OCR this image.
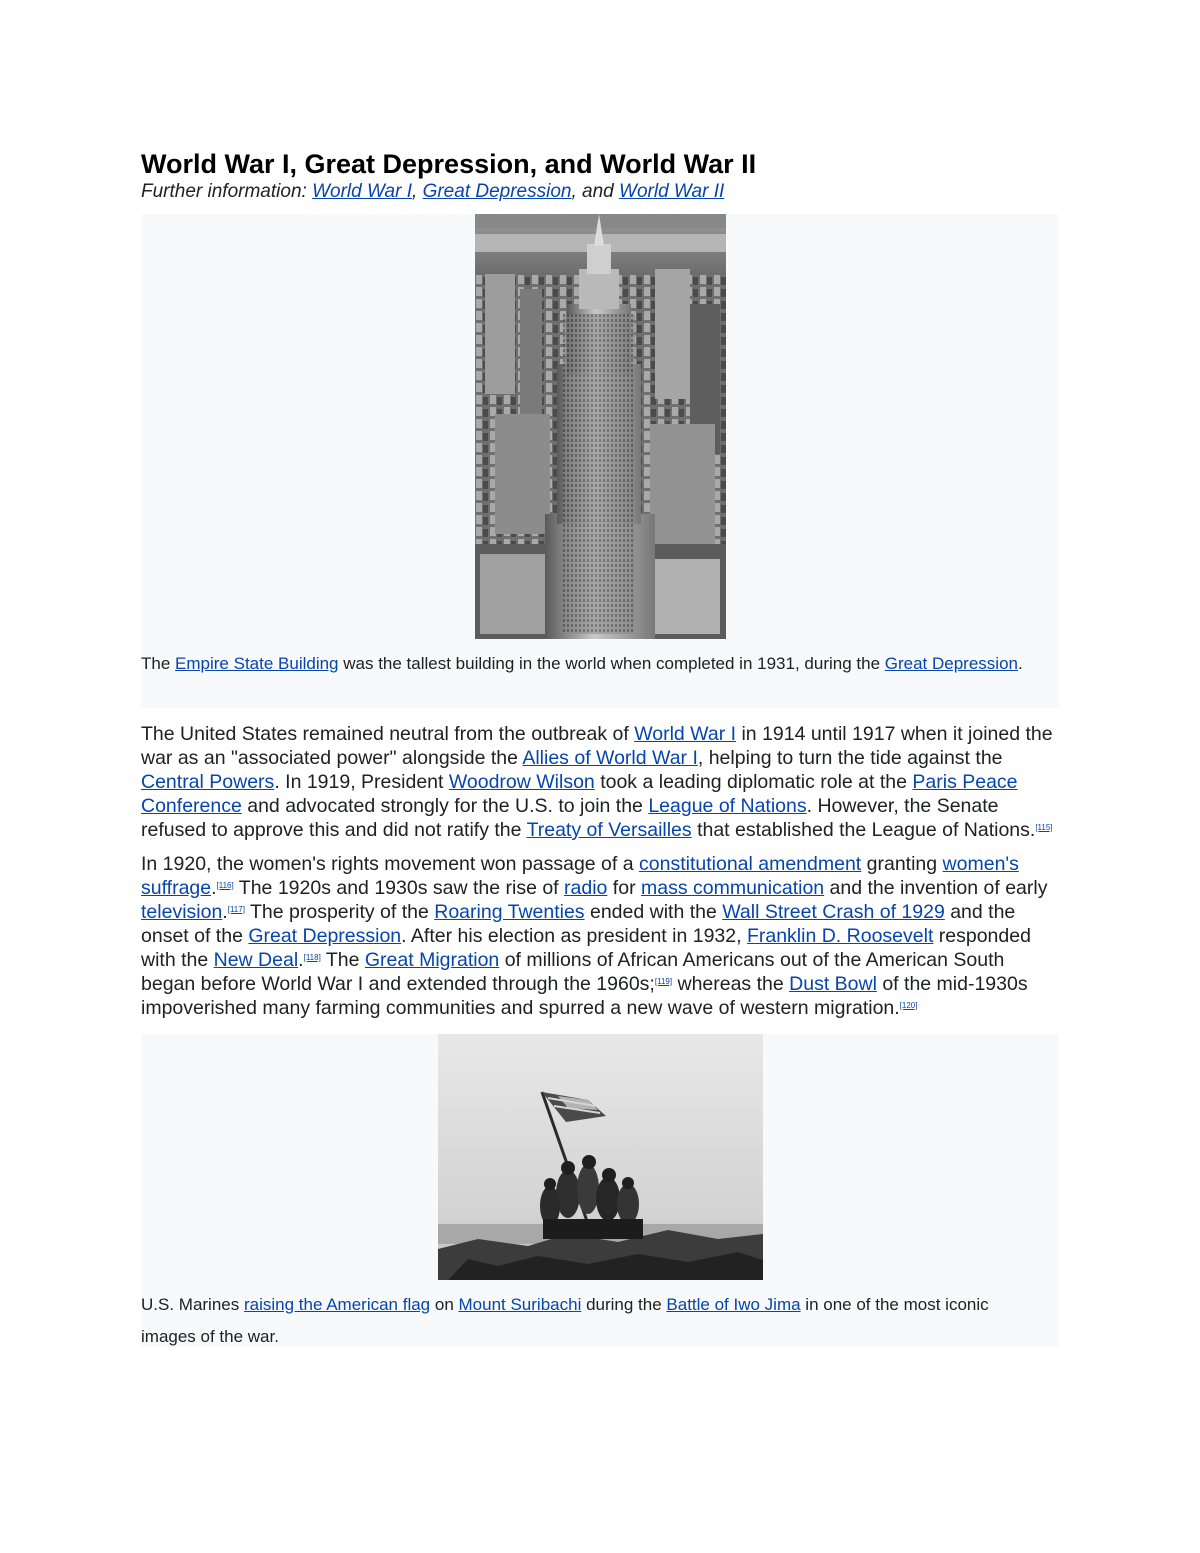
World War I, Great Depression, and World War II
Further information: World War I, Great Depression, and World War II
The Empire State Building was the tallest building in the world when completed in 1931, during the Great Depression.

The United States remained neutral from the outbreak of World War I in 1914 until 1917 when it joined the war as an "associated power" alongside the Allies of World War I, helping to turn the tide against the Central Powers. In 1919, President Woodrow Wilson took a leading diplomatic role at the Paris Peace Conference and advocated strongly for the U.S. to join the League of Nations. However, the Senate refused to approve this and did not ratify the Treaty of Versailles that established the League of Nations.[115]

In 1920, the women's rights movement won passage of a constitutional amendment granting women's suffrage.[116] The 1920s and 1930s saw the rise of radio for mass communication and the invention of early television.[117] The prosperity of the Roaring Twenties ended with the Wall Street Crash of 1929 and the onset of the Great Depression. After his election as president in 1932, Franklin D. Roosevelt responded with the New Deal.[118] The Great Migration of millions of African Americans out of the American South began before World War I and extended through the 1960s;[119] whereas the Dust Bowl of the mid-1930s impoverished many farming communities and spurred a new wave of western migration.[120]

U.S. Marines raising the American flag on Mount Suribachi during the Battle of Iwo Jima in one of the most iconic images of the war.
